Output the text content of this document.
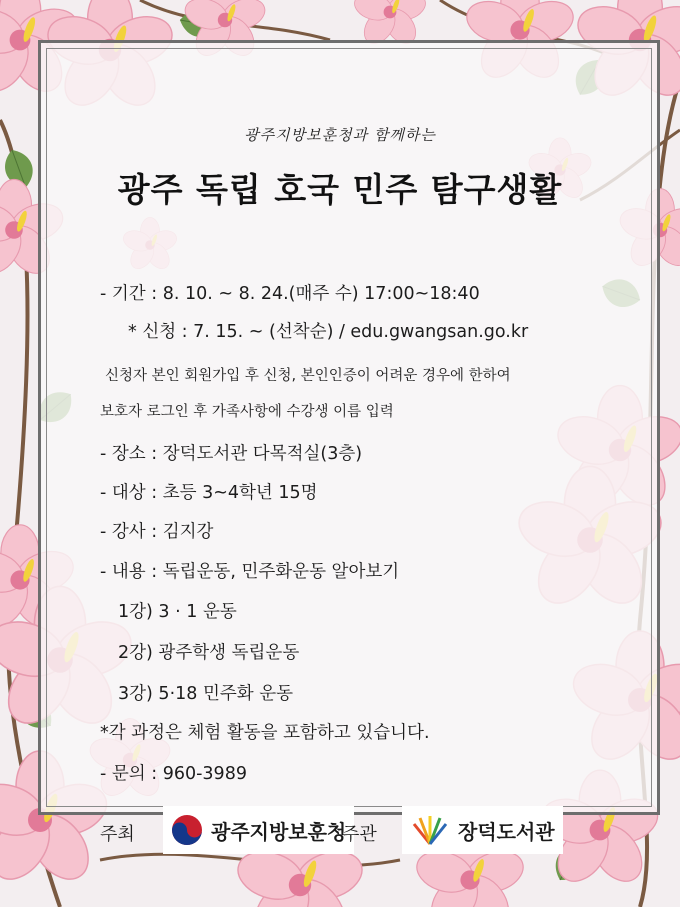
광주지방보훈청과 함께하는
광주 독립 호국 민주 탐구생활
- 기간 : 8. 10. ~ 8. 24.(매주 수) 17:00~18:40
* 신청 : 7. 15. ~ (선착순) / edu.gwangsan.go.kr
신청자 본인 회원가입 후 신청, 본인인증이 어려운 경우에 한하여
보호자 로그인 후 가족사항에 수강생 이름 입력
- 장소 : 장덕도서관 다목적실(3층)
- 대상 : 초등 3~4학년 15명
- 강사 : 김지강
- 내용 : 독립운동, 민주화운동 알아보기
1강) 3 · 1 운동
2강) 광주학생 독립운동
3강) 5·18 민주화 운동
*각 과정은 체험 활동을 포함하고 있습니다.
- 문의 : 960-3989
주최	광주지방보훈청
주관	장덕도서관
